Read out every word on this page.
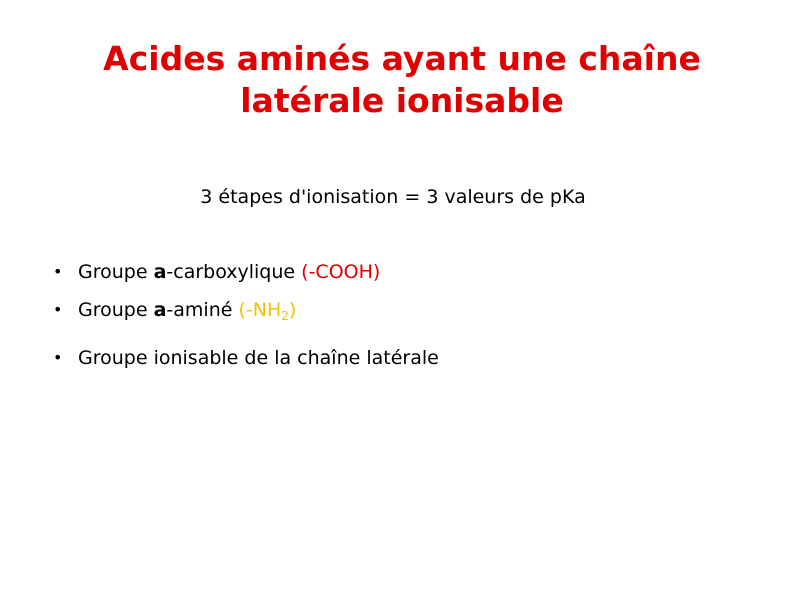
Acides aminés ayant une chaîne
latérale ionisable
3 étapes d'ionisation = 3 valeurs de pKa
• Groupe a-carboxylique (-COOH)
• Groupe a-aminé $(-NH_2)$
• Groupe ionisable de la chaîne latérale
